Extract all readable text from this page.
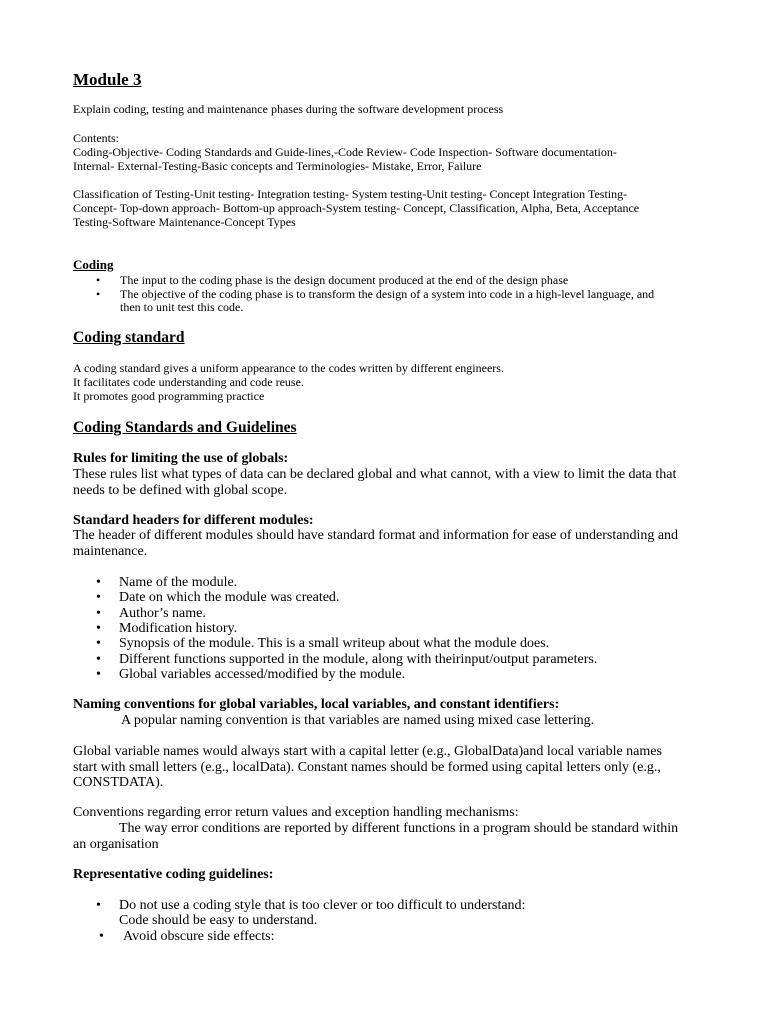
Module 3
Explain coding, testing and maintenance phases during the software development process
Contents:
Coding-Objective- Coding Standards and Guide-lines,-Code Review- Code Inspection- Software documentation-
Internal- External-Testing-Basic concepts and Terminologies- Mistake, Error, Failure
Classification of Testing-Unit testing- Integration testing- System testing-Unit testing- Concept Integration Testing-
Concept- Top-down approach- Bottom-up approach-System testing- Concept, Classification, Alpha, Beta, Acceptance
Testing-Software Maintenance-Concept Types
Coding
• The input to the coding phase is the design document produced at the end of the design phase
• The objective of the coding phase is to transform the design of a system into code in a high-level language, and
then to unit test this code.
Coding standard
A coding standard gives a uniform appearance to the codes written by different engineers.
It facilitates code understanding and code reuse.
It promotes good programming practice
Coding Standards and Guidelines
Rules for limiting the use of globals:
These rules list what types of data can be declared global and what cannot, with a view to limit the data that
needs to be defined with global scope.
Standard headers for different modules:
The header of different modules should have standard format and information for ease of understanding and
maintenance.
• Name of the module.
• Date on which the module was created.
• Author’s name.
• Modification history.
• Synopsis of the module. This is a small writeup about what the module does.
• Different functions supported in the module, along with theirinput/output parameters.
• Global variables accessed/modified by the module.
Naming conventions for global variables, local variables, and constant identifiers:
A popular naming convention is that variables are named using mixed case lettering.
Global variable names would always start with a capital letter (e.g., GlobalData)and local variable names
start with small letters (e.g., localData). Constant names should be formed using capital letters only (e.g.,
CONSTDATA).
Conventions regarding error return values and exception handling mechanisms:
The way error conditions are reported by different functions in a program should be standard within
an organisation
Representative coding guidelines:
• Do not use a coding style that is too clever or too difficult to understand:
Code should be easy to understand.
• Avoid obscure side effects:
